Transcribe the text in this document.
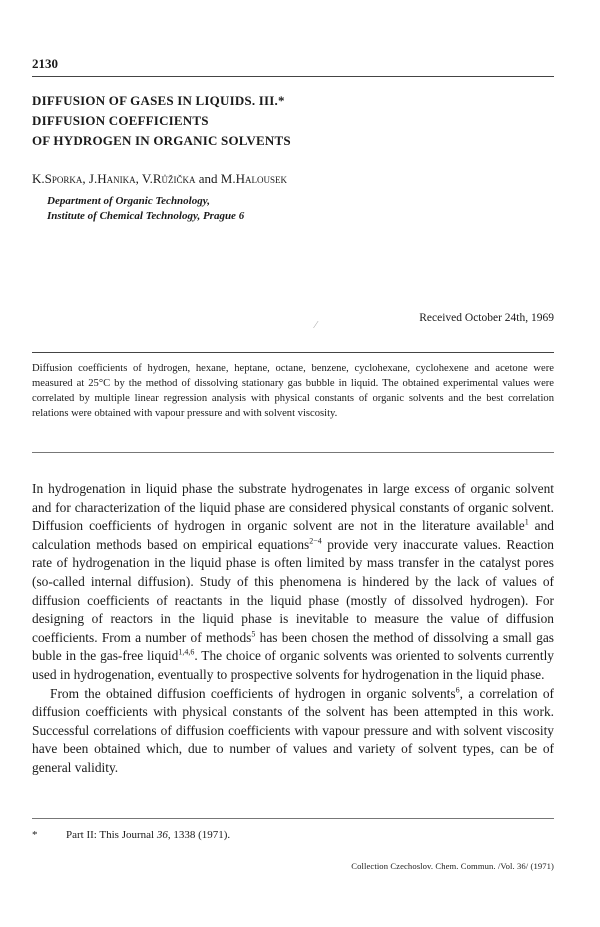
2130
DIFFUSION OF GASES IN LIQUIDS. III.*
DIFFUSION COEFFICIENTS
OF HYDROGEN IN ORGANIC SOLVENTS
K.Sporka, J.Hanika, V.Růžička and M.Halousek
Department of Organic Technology,
Institute of Chemical Technology, Prague 6
Received October 24th, 1969
⁄
Diffusion coefficients of hydrogen, hexane, heptane, octane, benzene, cyclohexane, cyclohexene and acetone were measured at 25°C by the method of dissolving stationary gas bubble in liquid. The obtained experimental values were correlated by multiple linear regression analysis with physical constants of organic solvents and the best correlation relations were obtained with vapour pressure and with solvent viscosity.

In hydrogenation in liquid phase the substrate hydrogenates in large excess of organic solvent and for characterization of the liquid phase are considered physical constants of organic solvent. Diffusion coefficients of hydrogen in organic solvent are not in the literature available$^1$ and calculation methods based on empirical equations$^{2-4}$ provide very inaccurate values. Reaction rate of hydrogenation in the liquid phase is often limited by mass transfer in the catalyst pores (so-called internal diffusion). Study of this phenomena is hindered by the lack of values of diffusion coefficients of reactants in the liquid phase (mostly of dissolved hydrogen). For designing of reactors in the liquid phase is inevitable to measure the value of diffusion coefficients. From a number of methods$^5$ has been chosen the method of dissolving a small gas buble in the gas-free liquid$^{1,4,6}$. The choice of organic solvents was oriented to solvents currently used in hydrogenation, eventually to prospective solvents for hydrogenation in the liquid phase.

From the obtained diffusion coefficients of hydrogen in organic solvents$^6$, a correlation of diffusion coefficients with physical constants of the solvent has been attempted in this work. Successful correlations of diffusion coefficients with vapour pressure and with solvent viscosity have been obtained which, due to number of values and variety of solvent types, can be of general validity.

*	Part II: This Journal 36, 1338 (1971).
Collection Czechoslov. Chem. Commun. /Vol. 36/ (1971)
